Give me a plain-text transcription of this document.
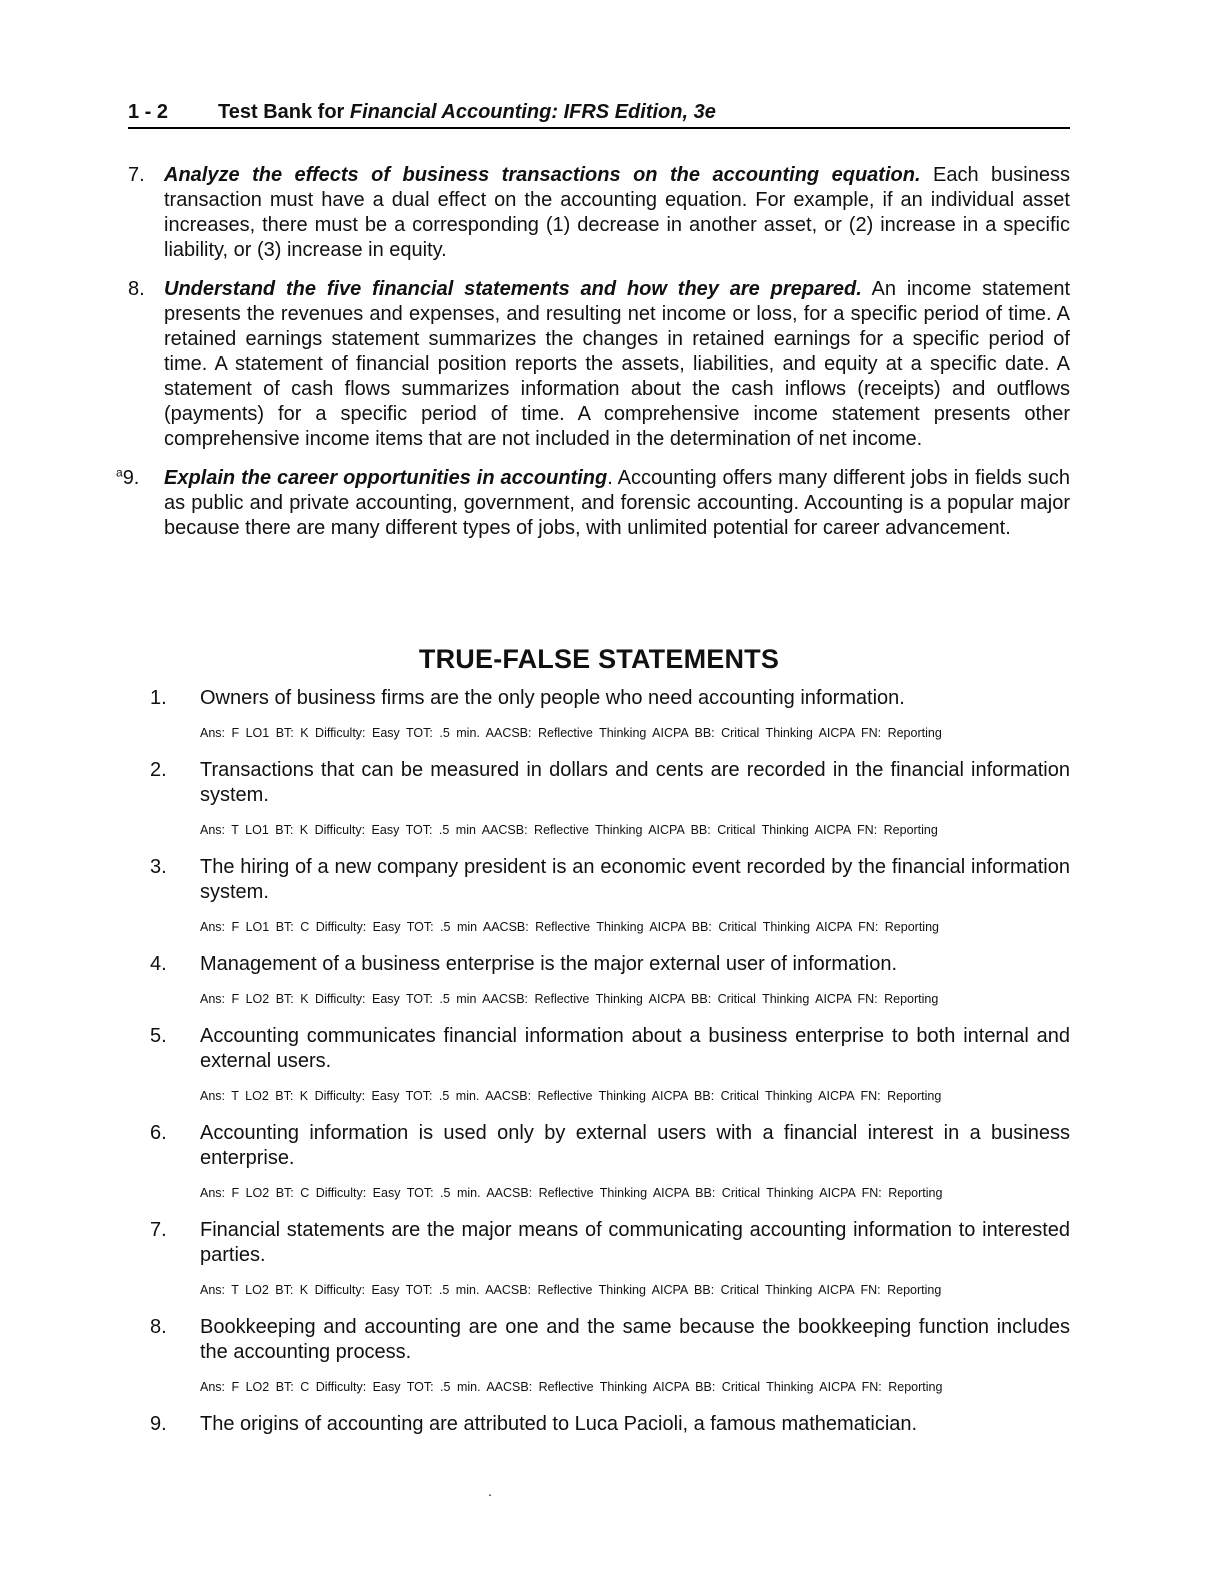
1 - 2 Test Bank for Financial Accounting: IFRS Edition, 3e
7. Analyze the effects of business transactions on the accounting equation. Each business transaction must have a dual effect on the accounting equation. For example, if an individual asset increases, there must be a corresponding (1) decrease in another asset, or (2) increase in a specific liability, or (3) increase in equity.
8. Understand the five financial statements and how they are prepared. An income statement presents the revenues and expenses, and resulting net income or loss, for a specific period of time. A retained earnings statement summarizes the changes in retained earnings for a specific period of time. A statement of financial position reports the assets, liabilities, and equity at a specific date. A statement of cash flows summarizes information about the cash inflows (receipts) and outflows (payments) for a specific period of time. A comprehensive income statement presents other comprehensive income items that are not included in the determination of net income.
$^a$9. Explain the career opportunities in accounting. Accounting offers many different jobs in fields such as public and private accounting, government, and forensic accounting. Accounting is a popular major because there are many different types of jobs, with unlimited potential for career advancement.
TRUE-FALSE STATEMENTS
1. Owners of business firms are the only people who need accounting information.
Ans: F LO1 BT: K Difficulty: Easy TOT: .5 min. AACSB: Reflective Thinking AICPA BB: Critical Thinking AICPA FN: Reporting
2. Transactions that can be measured in dollars and cents are recorded in the financial information system.
Ans: T LO1 BT: K Difficulty: Easy TOT: .5 min AACSB: Reflective Thinking AICPA BB: Critical Thinking AICPA FN: Reporting
3. The hiring of a new company president is an economic event recorded by the financial information system.
Ans: F LO1 BT: C Difficulty: Easy TOT: .5 min AACSB: Reflective Thinking AICPA BB: Critical Thinking AICPA FN: Reporting
4. Management of a business enterprise is the major external user of information.
Ans: F LO2 BT: K Difficulty: Easy TOT: .5 min AACSB: Reflective Thinking AICPA BB: Critical Thinking AICPA FN: Reporting
5. Accounting communicates financial information about a business enterprise to both internal and external users.
Ans: T LO2 BT: K Difficulty: Easy TOT: .5 min. AACSB: Reflective Thinking AICPA BB: Critical Thinking AICPA FN: Reporting
6. Accounting information is used only by external users with a financial interest in a business enterprise.
Ans: F LO2 BT: C Difficulty: Easy TOT: .5 min. AACSB: Reflective Thinking AICPA BB: Critical Thinking AICPA FN: Reporting
7. Financial statements are the major means of communicating accounting information to interested parties.
Ans: T LO2 BT: K Difficulty: Easy TOT: .5 min. AACSB: Reflective Thinking AICPA BB: Critical Thinking AICPA FN: Reporting
8. Bookkeeping and accounting are one and the same because the bookkeeping function includes the accounting process.
Ans: F LO2 BT: C Difficulty: Easy TOT: .5 min. AACSB: Reflective Thinking AICPA BB: Critical Thinking AICPA FN: Reporting
9. The origins of accounting are attributed to Luca Pacioli, a famous mathematician.
.
